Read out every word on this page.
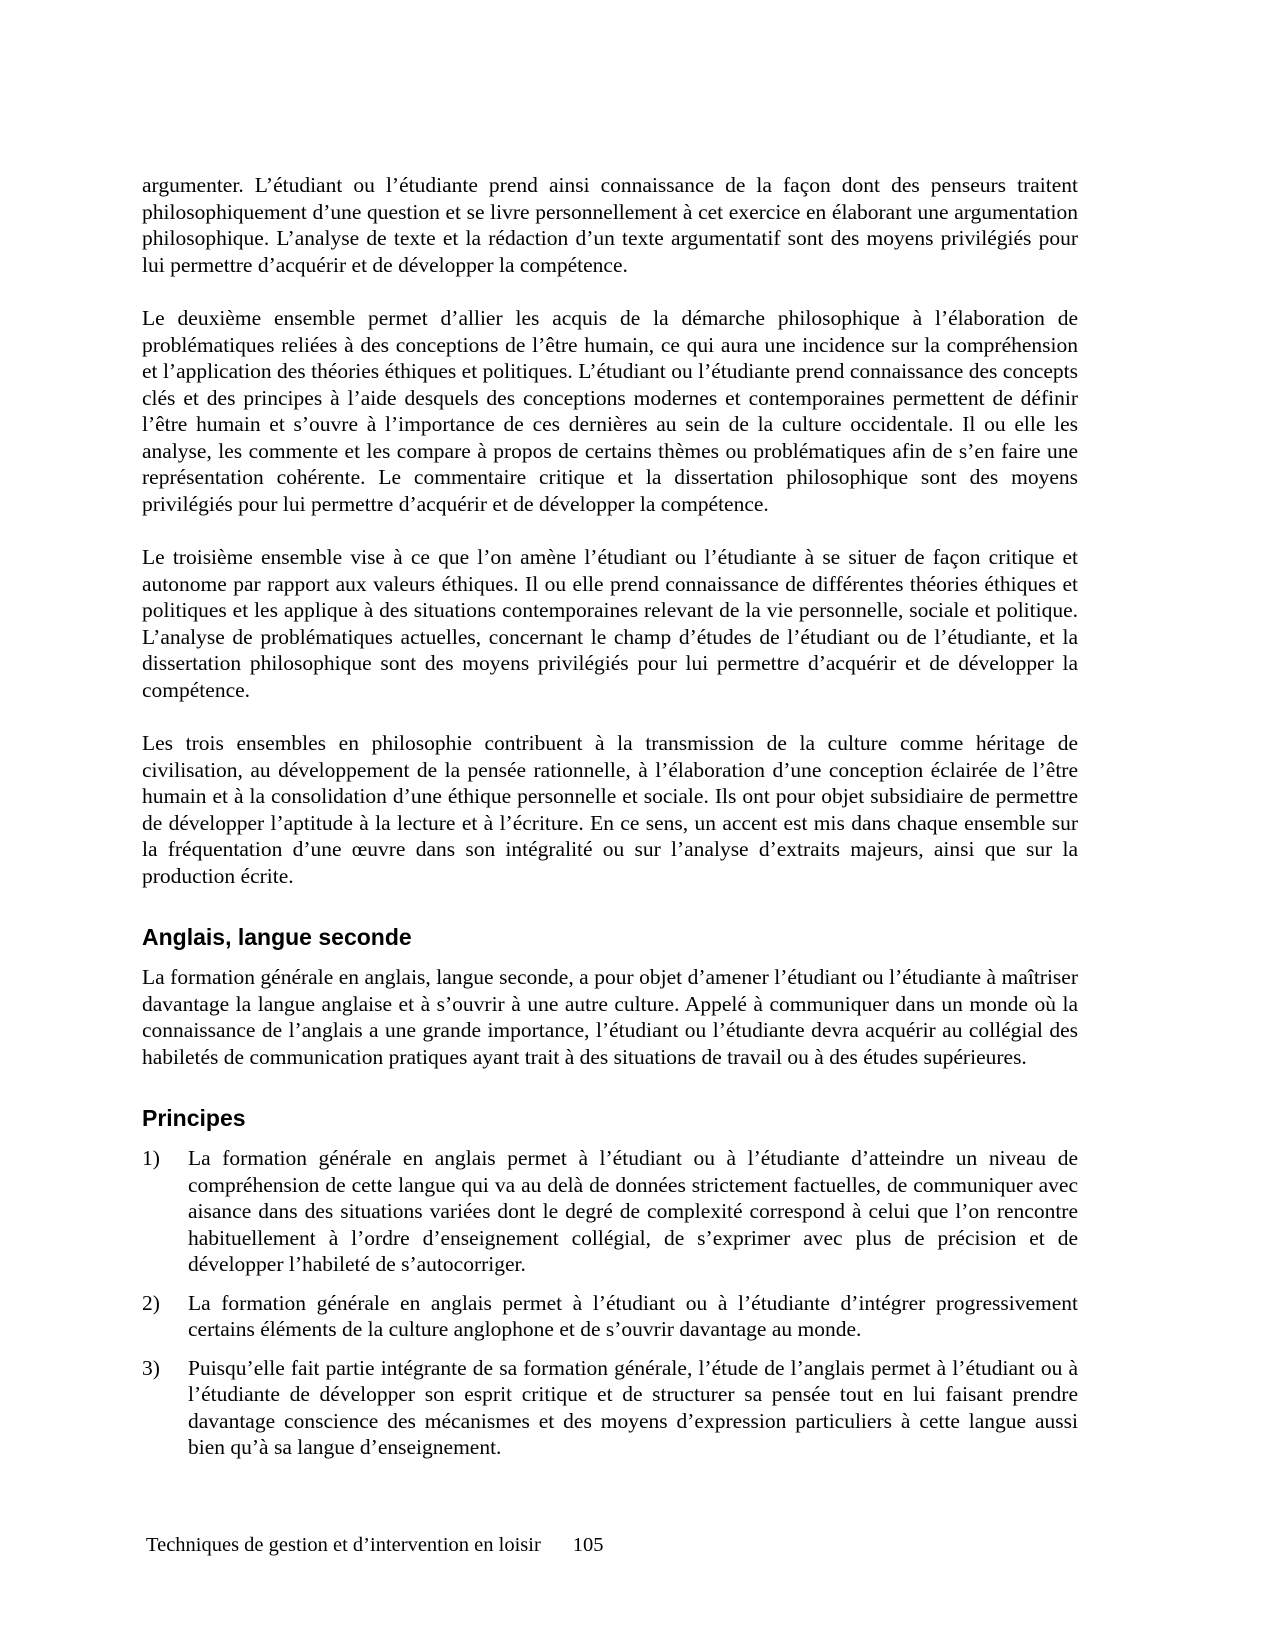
argumenter. L’étudiant ou l’étudiante prend ainsi connaissance de la façon dont des penseurs traitent philosophiquement d’une question et se livre personnellement à cet exercice en élaborant une argumentation philosophique. L’analyse de texte et la rédaction d’un texte argumentatif sont des moyens privilégiés pour lui permettre d’acquérir et de développer la compétence.

Le deuxième ensemble permet d’allier les acquis de la démarche philosophique à l’élaboration de problématiques reliées à des conceptions de l’être humain, ce qui aura une incidence sur la compréhension et l’application des théories éthiques et politiques. L’étudiant ou l’étudiante prend connaissance des concepts clés et des principes à l’aide desquels des conceptions modernes et contemporaines permettent de définir l’être humain et s’ouvre à l’importance de ces dernières au sein de la culture occidentale. Il ou elle les analyse, les commente et les compare à propos de certains thèmes ou problématiques afin de s’en faire une représentation cohérente. Le commentaire critique et la dissertation philosophique sont des moyens privilégiés pour lui permettre d’acquérir et de développer la compétence.

Le troisième ensemble vise à ce que l’on amène l’étudiant ou l’étudiante à se situer de façon critique et autonome par rapport aux valeurs éthiques. Il ou elle prend connaissance de différentes théories éthiques et politiques et les applique à des situations contemporaines relevant de la vie personnelle, sociale et politique. L’analyse de problématiques actuelles, concernant le champ d’études de l’étudiant ou de l’étudiante, et la dissertation philosophique sont des moyens privilégiés pour lui permettre d’acquérir et de développer la compétence.

Les trois ensembles en philosophie contribuent à la transmission de la culture comme héritage de civilisation, au développement de la pensée rationnelle, à l’élaboration d’une conception éclairée de l’être humain et à la consolidation d’une éthique personnelle et sociale. Ils ont pour objet subsidiaire de permettre de développer l’aptitude à la lecture et à l’écriture. En ce sens, un accent est mis dans chaque ensemble sur la fréquentation d’une œuvre dans son intégralité ou sur l’analyse d’extraits majeurs, ainsi que sur la production écrite.

Anglais, langue seconde

La formation générale en anglais, langue seconde, a pour objet d’amener l’étudiant ou l’étudiante à maîtriser davantage la langue anglaise et à s’ouvrir à une autre culture. Appelé à communiquer dans un monde où la connaissance de l’anglais a une grande importance, l’étudiant ou l’étudiante devra acquérir au collégial des habiletés de communication pratiques ayant trait à des situations de travail ou à des études supérieures.

Principes
1)	La formation générale en anglais permet à l’étudiant ou à l’étudiante d’atteindre un niveau de compréhension de cette langue qui va au delà de données strictement factuelles, de communiquer avec aisance dans des situations variées dont le degré de complexité correspond à celui que l’on rencontre habituellement à l’ordre d’enseignement collégial, de s’exprimer avec plus de précision et de développer l’habileté de s’autocorriger.
2)	La formation générale en anglais permet à l’étudiant ou à l’étudiante d’intégrer progressivement certains éléments de la culture anglophone et de s’ouvrir davantage au monde.
3)	Puisqu’elle fait partie intégrante de sa formation générale, l’étude de l’anglais permet à l’étudiant ou à l’étudiante de développer son esprit critique et de structurer sa pensée tout en lui faisant prendre davantage conscience des mécanismes et des moyens d’expression particuliers à cette langue aussi bien qu’à sa langue d’enseignement.
Techniques de gestion et d’intervention en loisir 105
